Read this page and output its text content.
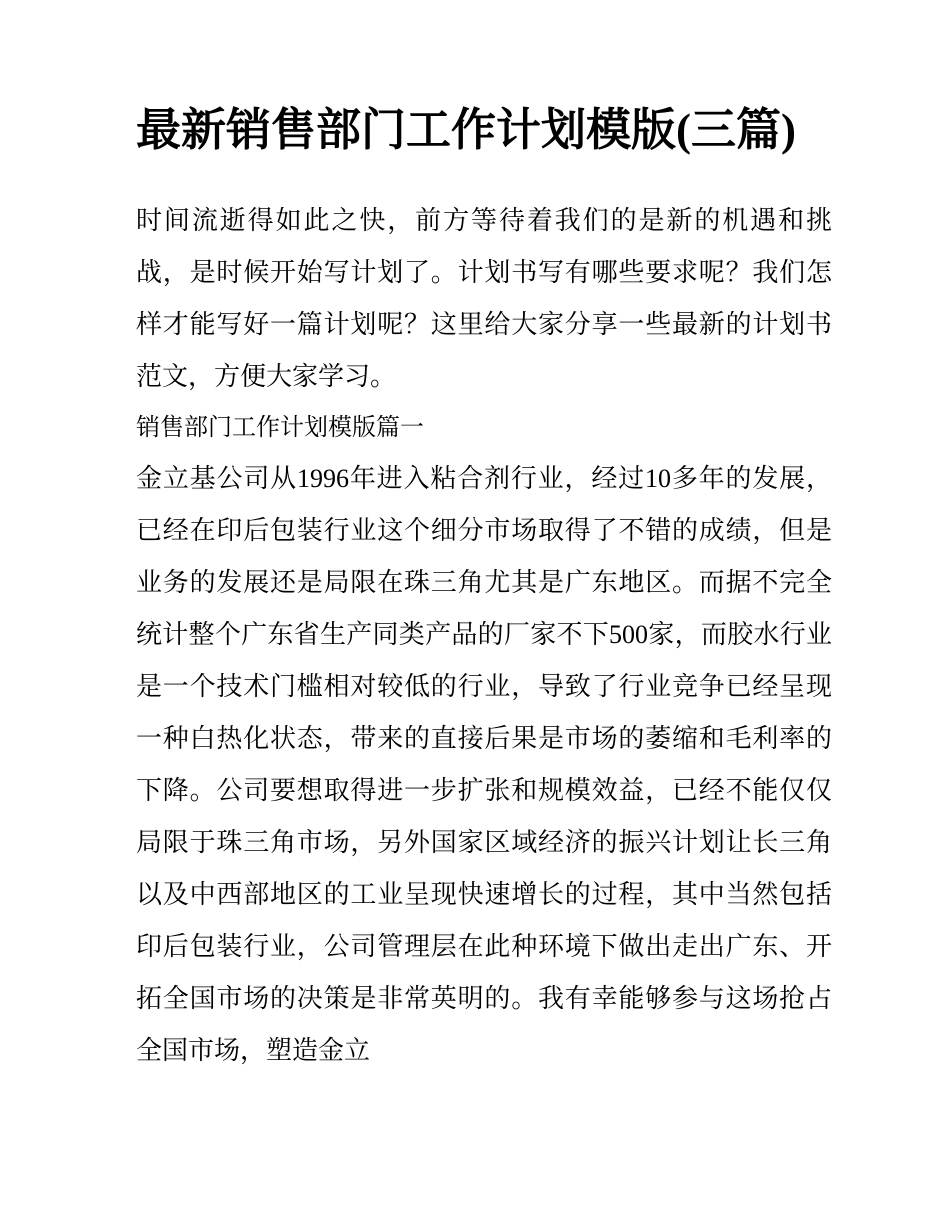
最新销售部门工作计划模版(三篇)

时间流逝得如此之快，前方等待着我们的是新的机遇和挑战，是时候开始写计划了。计划书写有哪些要求呢？我们怎样才能写好一篇计划呢？这里给大家分享一些最新的计划书范文，方便大家学习。

销售部门工作计划模版篇一

金立基公司从1996年进入粘合剂行业，经过10多年的发展，已经在印后包装行业这个细分市场取得了不错的成绩，但是业务的发展还是局限在珠三角尤其是广东地区。而据不完全统计整个广东省生产同类产品的厂家不下500家，而胶水行业是一个技术门槛相对较低的行业，导致了行业竞争已经呈现一种白热化状态，带来的直接后果是市场的萎缩和毛利率的下降。公司要想取得进一步扩张和规模效益，已经不能仅仅局限于珠三角市场，另外国家区域经济的振兴计划让长三角以及中西部地区的工业呈现快速增长的过程，其中当然包括印后包装行业，公司管理层在此种环境下做出走出广东、开拓全国市场的决策是非常英明的。我有幸能够参与这场抢占全国市场，塑造金立
